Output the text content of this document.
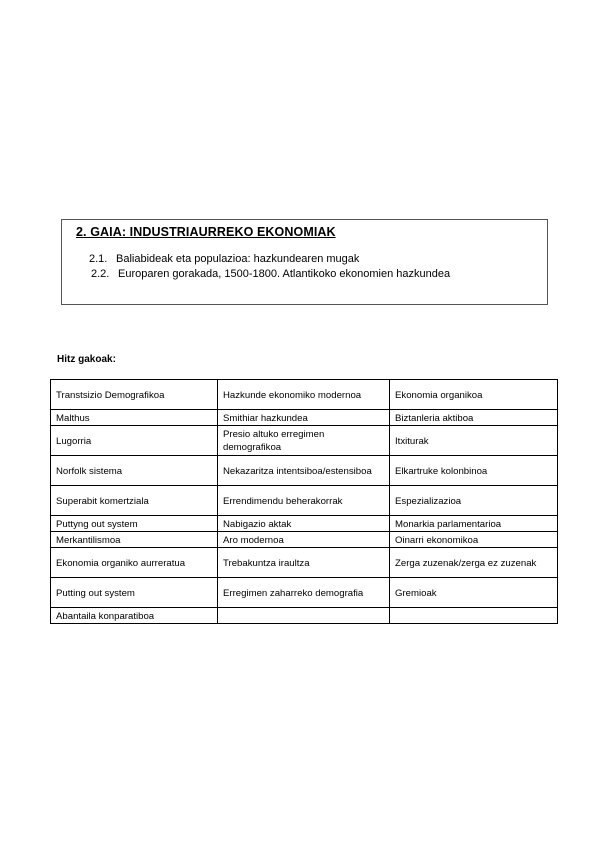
2. GAIA: INDUSTRIAURREKO EKONOMIAK
2.1. Baliabideak eta populazioa: hazkundearen mugak
2.2. Europaren gorakada, 1500-1800. Atlantikoko ekonomien hazkundea
Hitz gakoak:
Transtsizio Demografikoa	Hazkunde ekonomiko modernoa	Ekonomia organikoa
Malthus	Smithiar hazkundea	Biztanleria aktiboa
Lugorria	Presio altuko erregimen demografikoa	Itxiturak
Norfolk sistema	Nekazaritza intentsiboa/estensiboa	Elkartruke kolonbinoa
Superabit komertziala	Errendimendu beherakorrak	Espezializazioa
Puttyng out system	Nabigazio aktak	Monarkia parlamentarioa
Merkantilismoa	Aro modernoa	Oinarri ekonomikoa
Ekonomia organiko aurreratua	Trebakuntza iraultza	Zerga zuzenak/zerga ez zuzenak
Putting out system	Erregimen zaharreko demografia	Gremioak
Abantaila konparatiboa		
